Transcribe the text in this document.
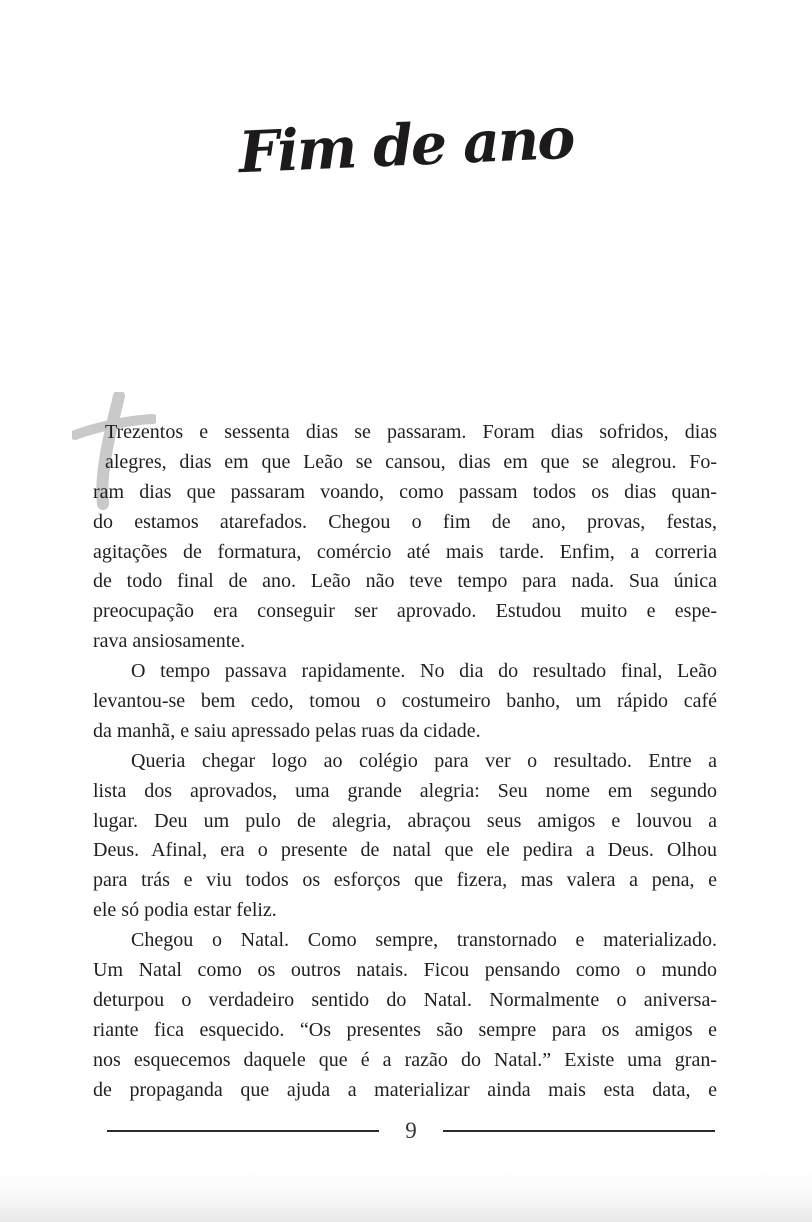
Fim de ano
Trezentos e sessenta dias se passaram. Foram dias sofridos, dias
alegres, dias em que Leão se cansou, dias em que se alegrou. Fo-
ram dias que passaram voando, como passam todos os dias quan-
do estamos atarefados. Chegou o fim de ano, provas, festas,
agitações de formatura, comércio até mais tarde. Enfim, a correria
de todo final de ano. Leão não teve tempo para nada. Sua única
preocupação era conseguir ser aprovado. Estudou muito e espe-
rava ansiosamente.
O tempo passava rapidamente. No dia do resultado final, Leão
levantou-se bem cedo, tomou o costumeiro banho, um rápido café
da manhã, e saiu apressado pelas ruas da cidade.
Queria chegar logo ao colégio para ver o resultado. Entre a
lista dos aprovados, uma grande alegria: Seu nome em segundo
lugar. Deu um pulo de alegria, abraçou seus amigos e louvou a
Deus. Afinal, era o presente de natal que ele pedira a Deus. Olhou
para trás e viu todos os esforços que fizera, mas valera a pena, e
ele só podia estar feliz.
Chegou o Natal. Como sempre, transtornado e materializado.
Um Natal como os outros natais. Ficou pensando como o mundo
deturpou o verdadeiro sentido do Natal. Normalmente o aniversa-
riante fica esquecido. “Os presentes são sempre para os amigos e
nos esquecemos daquele que é a razão do Natal.” Existe uma gran-
de propaganda que ajuda a materializar ainda mais esta data, e
9
